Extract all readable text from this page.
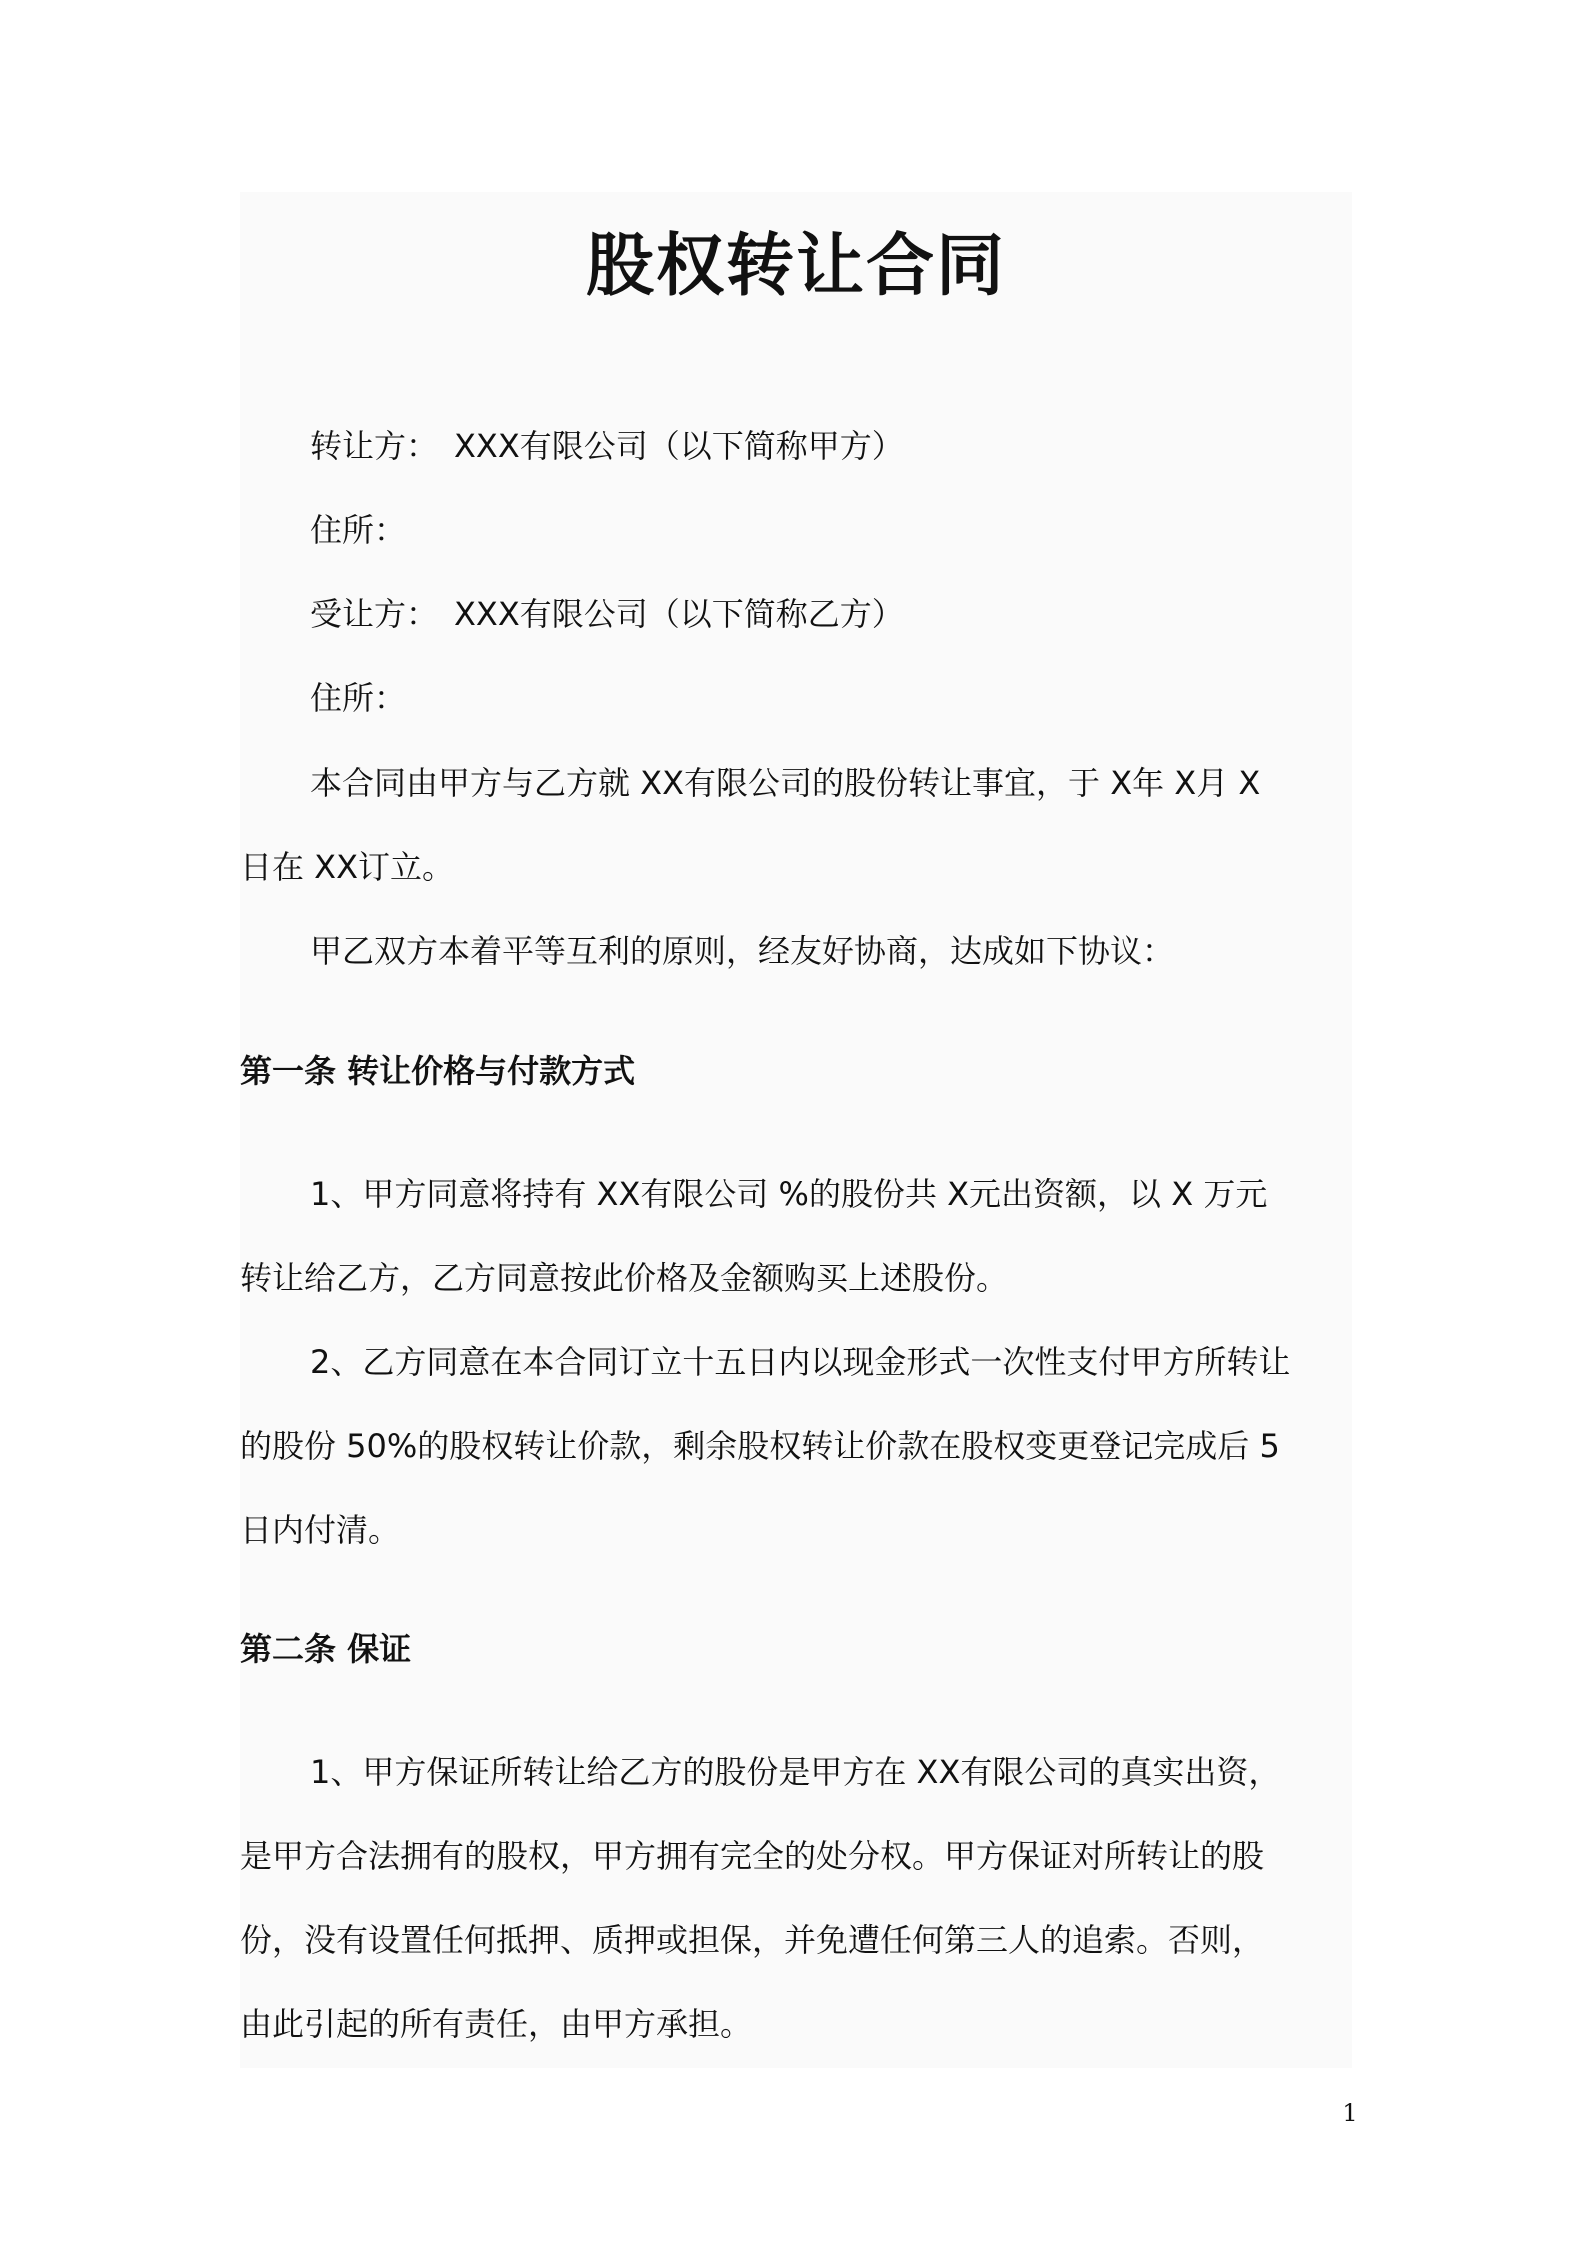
股权转让合同

转让方：　XXX有限公司（以下简称甲方）

住所：

受让方：　XXX有限公司（以下简称乙方）

住所：

本合同由甲方与乙方就 XX有限公司的股份转让事宜，于 X年 X月 X

日在 XX订立。

甲乙双方本着平等互利的原则，经友好协商，达成如下协议：

第一条 转让价格与付款方式

1、甲方同意将持有 XX有限公司 %的股份共 X元出资额，以 X 万元

转让给乙方，乙方同意按此价格及金额购买上述股份。

2、乙方同意在本合同订立十五日内以现金形式一次性支付甲方所转让

的股份 50%的股权转让价款，剩余股权转让价款在股权变更登记完成后 5

日内付清。

第二条 保证

1、甲方保证所转让给乙方的股份是甲方在 XX有限公司的真实出资，

是甲方合法拥有的股权，甲方拥有完全的处分权。甲方保证对所转让的股

份，没有设置任何抵押、质押或担保，并免遭任何第三人的追索。否则，

由此引起的所有责任，由甲方承担。

1
